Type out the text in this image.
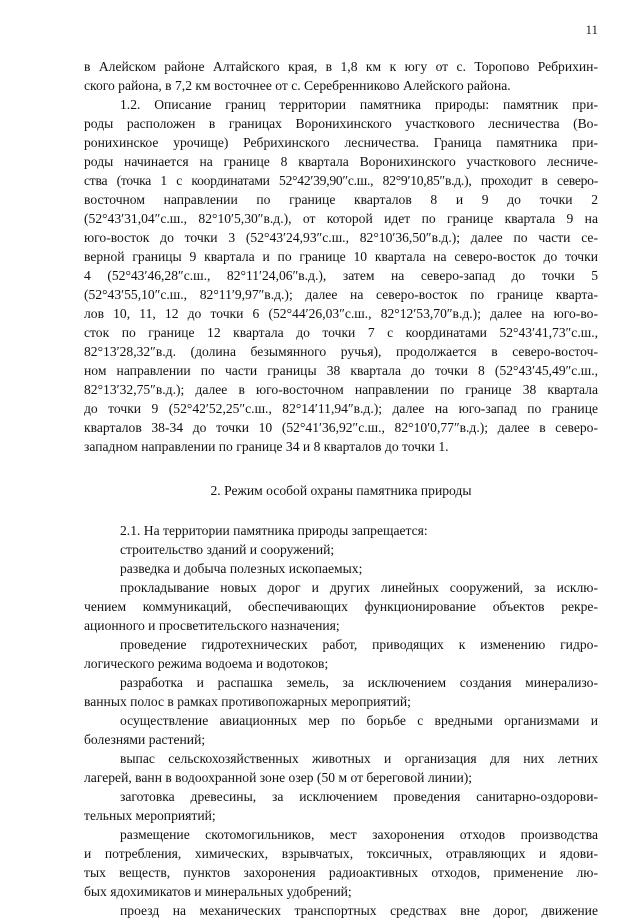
11
в Алейском районе Алтайского края, в 1,8 км к югу от с. Торопово Ребрихин-
ского района, в 7,2 км восточнее от с. Серебренниково Алейского района.
1.2. Описание границ территории памятника природы: памятник при-
роды расположен в границах Воронихинского участкового лесничества (Во-
ронихинское урочище) Ребрихинского лесничества. Граница памятника при-
роды начинается на границе 8 квартала Воронихинского участкового лесниче-
ства (точка 1 с координатами 52°42′39,90″с.ш., 82°9′10,85″в.д.), проходит в северо-
восточном направлении по границе кварталов 8 и 9 до точки 2
(52°43′31,04″с.ш., 82°10′5,30″в.д.), от которой идет по границе квартала 9 на
юго-восток до точки 3 (52°43′24,93″с.ш., 82°10′36,50″в.д.); далее по части се-
верной границы 9 квартала и по границе 10 квартала на северо-восток до точки
4 (52°43′46,28″с.ш., 82°11′24,06″в.д.), затем на северо-запад до точки 5
(52°43′55,10″с.ш., 82°11′9,97″в.д.); далее на северо-восток по границе кварта-
лов 10, 11, 12 до точки 6 (52°44′26,03″с.ш., 82°12′53,70″в.д.); далее на юго-во-
сток по границе 12 квартала до точки 7 с координатами 52°43′41,73″с.ш.,
82°13′28,32″в.д. (долина безымянного ручья), продолжается в северо-восточ-
ном направлении по части границы 38 квартала до точки 8 (52°43′45,49″с.ш.,
82°13′32,75″в.д.); далее в юго-восточном направлении по границе 38 квартала
до точки 9 (52°42′52,25″с.ш., 82°14′11,94″в.д.); далее на юго-запад по границе
кварталов 38-34 до точки 10 (52°41′36,92″с.ш., 82°10′0,77″в.д.); далее в северо-
западном направлении по границе 34 и 8 кварталов до точки 1.
2. Режим особой охраны памятника природы
2.1. На территории памятника природы запрещается:
строительство зданий и сооружений;
разведка и добыча полезных ископаемых;
прокладывание новых дорог и других линейных сооружений, за исклю-
чением коммуникаций, обеспечивающих функционирование объектов рекре-
ационного и просветительского назначения;
проведение гидротехнических работ, приводящих к изменению гидро-
логического режима водоема и водотоков;
разработка и распашка земель, за исключением создания минерализо-
ванных полос в рамках противопожарных мероприятий;
осуществление авиационных мер по борьбе с вредными организмами и
болезнями растений;
выпас сельскохозяйственных животных и организация для них летних
лагерей, ванн в водоохранной зоне озер (50 м от береговой линии);
заготовка древесины, за исключением проведения санитарно-оздорови-
тельных мероприятий;
размещение скотомогильников, мест захоронения отходов производства
и потребления, химических, взрывчатых, токсичных, отравляющих и ядови-
тых веществ, пунктов захоронения радиоактивных отходов, применение лю-
бых ядохимикатов и минеральных удобрений;
проезд на механических транспортных средствах вне дорог, движение
